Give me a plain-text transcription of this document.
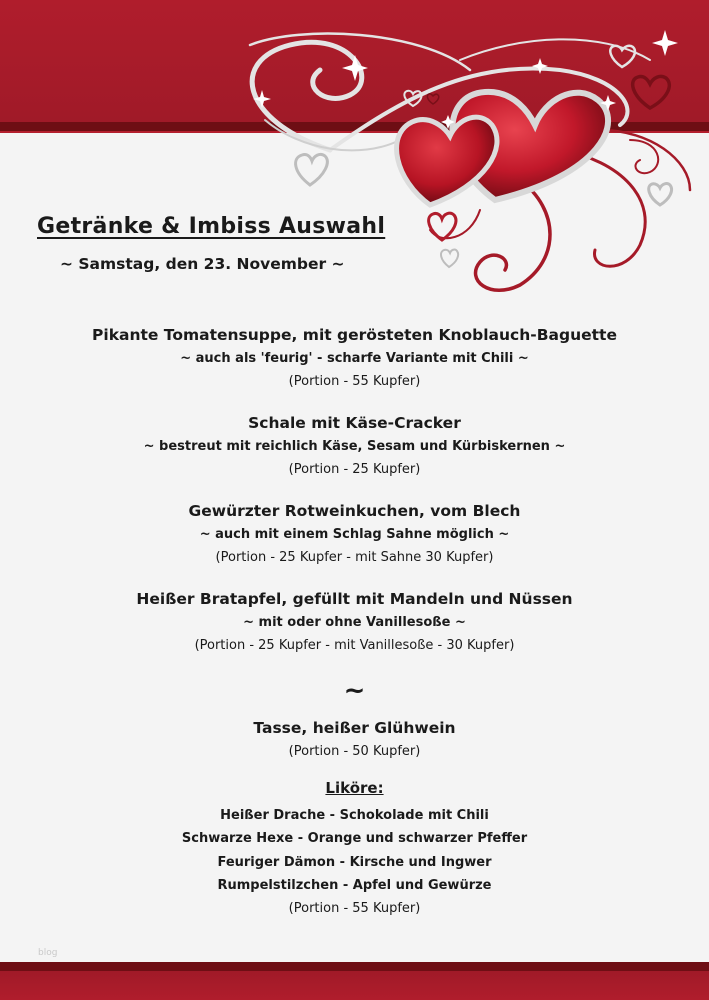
Getränke & Imbiss Auswahl

~ Samstag, den 23. November ~

Pikante Tomatensuppe, mit gerösteten Knoblauch-Baguette
~ auch als 'feurig' - scharfe Variante mit Chili ~
(Portion - 55 Kupfer)
Schale mit Käse-Cracker
~ bestreut mit reichlich Käse, Sesam und Kürbiskernen ~
(Portion - 25 Kupfer)
Gewürzter Rotweinkuchen, vom Blech
~ auch mit einem Schlag Sahne möglich ~
(Portion - 25 Kupfer - mit Sahne 30 Kupfer)
Heißer Bratapfel, gefüllt mit Mandeln und Nüssen
~ mit oder ohne Vanillesoße ~
(Portion - 25 Kupfer - mit Vanillesoße - 30 Kupfer)
~
Tasse, heißer Glühwein
(Portion - 50 Kupfer)
Liköre:
Heißer Drache - Schokolade mit Chili
Schwarze Hexe - Orange und schwarzer Pfeffer
Feuriger Dämon - Kirsche und Ingwer
Rumpelstilzchen - Apfel und Gewürze
(Portion - 55 Kupfer)
blog
